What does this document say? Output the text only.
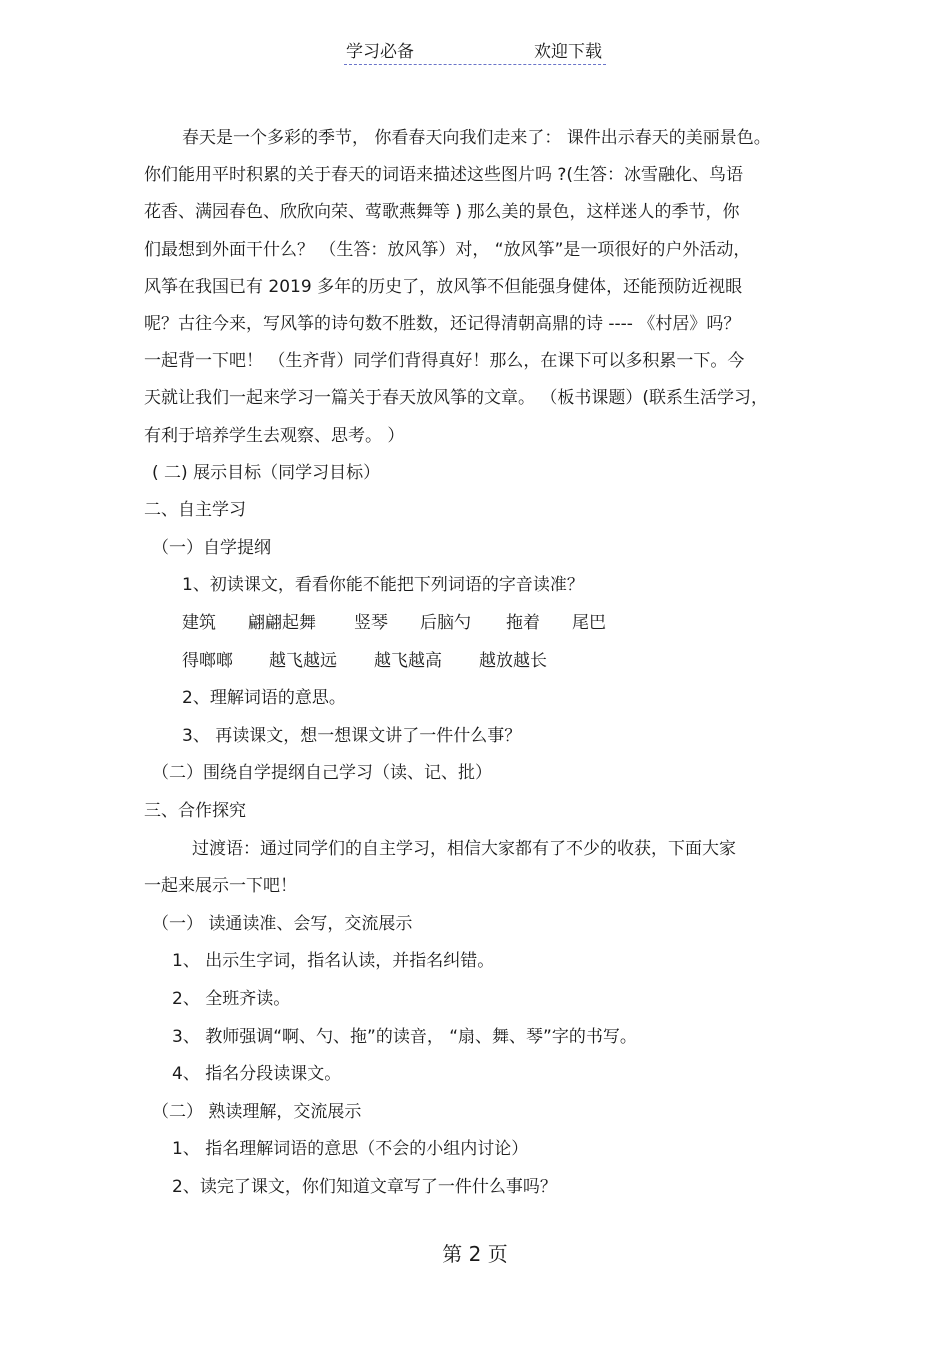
学习必备	欢迎下载
春天是一个多彩的季节， 你看春天向我们走来了： 课件出示春天的美丽景色。
你们能用平时积累的关于春天的词语来描述这些图片吗 ?(生答：冰雪融化、鸟语
花香、满园春色、欣欣向荣、莺歌燕舞等 ) 那么美的景色，这样迷人的季节，你
们最想到外面干什么？ （生答：放风筝）对， “放风筝”是一项很好的户外活动，
风筝在我国已有 2019 多年的历史了，放风筝不但能强身健体，还能预防近视眼
呢？古往今来，写风筝的诗句数不胜数，还记得清朝高鼎的诗 ---- 《村居》吗？
一起背一下吧！ （生齐背）同学们背得真好！那么，在课下可以多积累一下。今
天就让我们一起来学习一篇关于春天放风筝的文章。 （板书课题）(联系生活学习，
有利于培养学生去观察、思考。 ）
( 二) 展示目标（同学习目标）
二、自主学习
（一）自学提纲
1、初读课文，看看你能不能把下列词语的字音读准？
建筑 翩翩起舞 竖琴 后脑勺 拖着 尾巴
得啷啷 越飞越远 越飞越高 越放越长
2、理解词语的意思。
3、 再读课文，想一想课文讲了一件什么事？
（二）围绕自学提纲自己学习（读、记、批）
三、合作探究
过渡语：通过同学们的自主学习，相信大家都有了不少的收获，下面大家
一起来展示一下吧！
（一） 读通读准、会写，交流展示
1、 出示生字词，指名认读，并指名纠错。
2、 全班齐读。
3、 教师强调“啊、勺、拖”的读音， “扇、舞、琴”字的书写。
4、 指名分段读课文。
（二） 熟读理解，交流展示
1、 指名理解词语的意思（不会的小组内讨论）
2、读完了课文，你们知道文章写了一件什么事吗？
第 2 页
